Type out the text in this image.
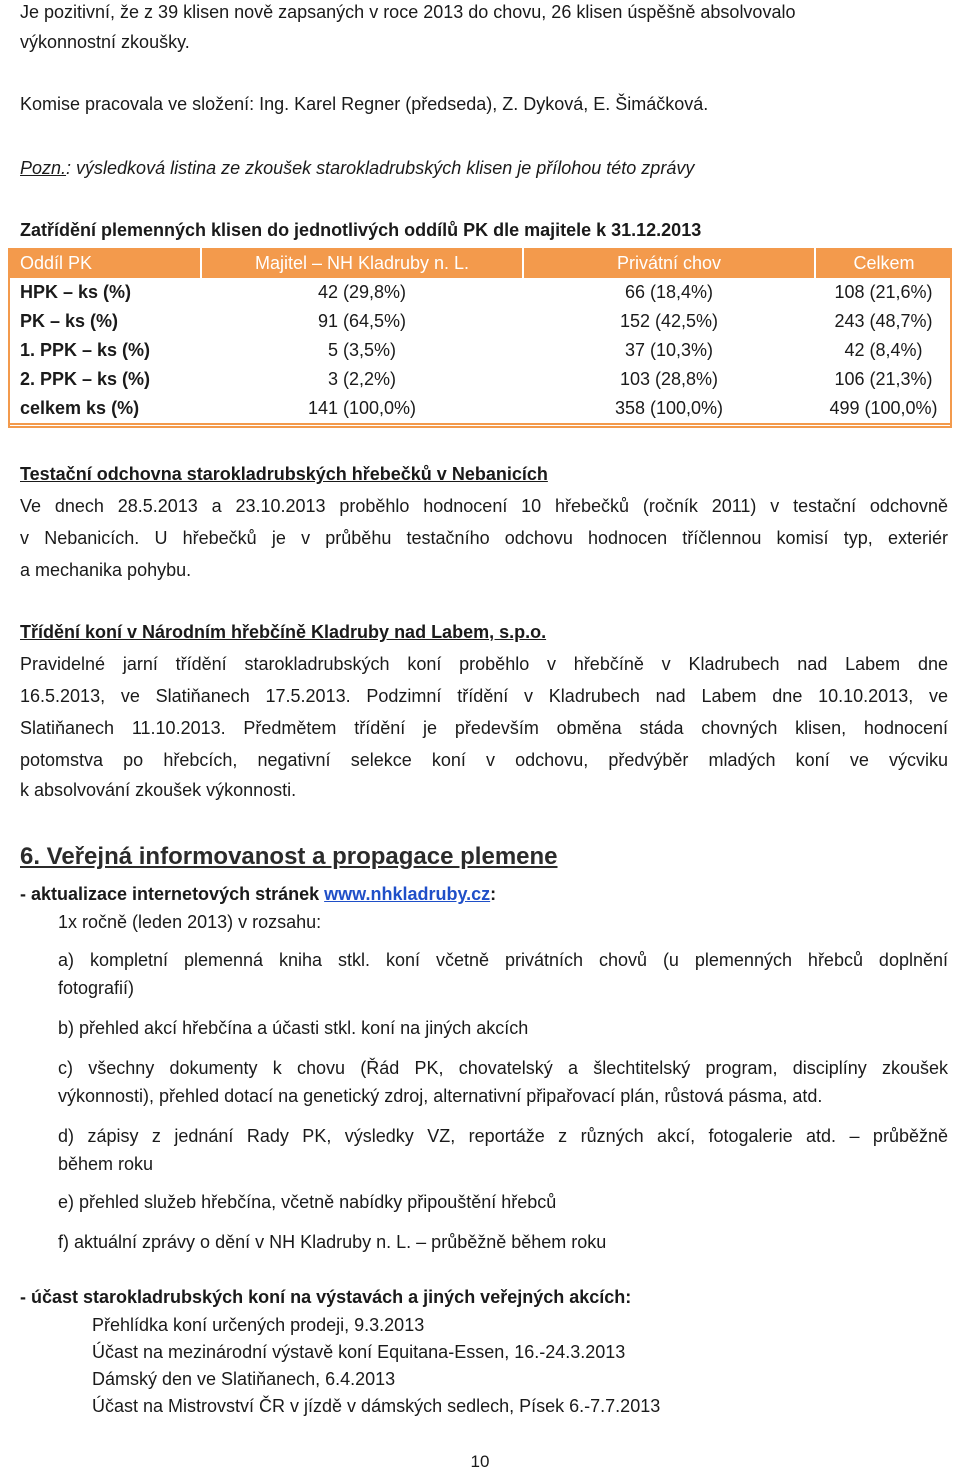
Je pozitivní, že z 39 klisen nově zapsaných v roce 2013 do chovu, 26 klisen úspěšně absolvovalo
výkonnostní zkoušky.
Komise pracovala ve složení: Ing. Karel Regner (předseda), Z. Dyková, E. Šimáčková.
Pozn.: výsledková listina ze zkoušek starokladrubských klisen je přílohou této zprávy
Zatřídění plemenných klisen do jednotlivých oddílů PK dle majitele k 31.12.2013
Oddíl PK	Majitel – NH Kladruby n. L.	Privátní chov	Celkem
HPK – ks (%)	42 (29,8%)	66 (18,4%)	108 (21,6%)
PK – ks (%)	91 (64,5%)	152 (42,5%)	243 (48,7%)
1. PPK – ks (%)	5 (3,5%)	37 (10,3%)	42 (8,4%)
2. PPK – ks (%)	3 (2,2%)	103 (28,8%)	106 (21,3%)
celkem ks (%)	141 (100,0%)	358 (100,0%)	499 (100,0%)
Testační odchovna starokladrubských hřebečků v Nebanicích
Ve dnech 28.5.2013 a 23.10.2013 proběhlo hodnocení 10 hřebečků (ročník 2011) v testační odchovně
v Nebanicích. U hřebečků je v průběhu testačního odchovu hodnocen tříčlennou komisí typ, exteriér
a mechanika pohybu.
Třídění koní v Národním hřebčíně Kladruby nad Labem, s.p.o.
Pravidelné jarní třídění starokladrubských koní proběhlo v hřebčíně v Kladrubech nad Labem dne
16.5.2013, ve Slatiňanech 17.5.2013. Podzimní třídění v Kladrubech nad Labem dne 10.10.2013, ve
Slatiňanech 11.10.2013. Předmětem třídění je především obměna stáda chovných klisen, hodnocení
potomstva po hřebcích, negativní selekce koní v odchovu, předvýběr mladých koní ve výcviku
k absolvování zkoušek výkonnosti.
6. Veřejná informovanost a propagace plemene
- aktualizace internetových stránek www.nhkladruby.cz:
1x ročně (leden 2013) v rozsahu:
a) kompletní plemenná kniha stkl. koní včetně privátních chovů (u plemenných hřebců doplnění
fotografií)
b) přehled akcí hřebčína a účasti stkl. koní na jiných akcích
c) všechny dokumenty k chovu (Řád PK, chovatelský a šlechtitelský program, disciplíny zkoušek
výkonnosti), přehled dotací na genetický zdroj, alternativní připařovací plán, růstová pásma, atd.
d) zápisy z jednání Rady PK, výsledky VZ, reportáže z různých akcí, fotogalerie atd. – průběžně
během roku
e) přehled služeb hřebčína, včetně nabídky připouštění hřebců
f) aktuální zprávy o dění v NH Kladruby n. L. – průběžně během roku
- účast starokladrubských koní na výstavách a jiných veřejných akcích:
Přehlídka koní určených prodeji, 9.3.2013
Účast na mezinárodní výstavě koní Equitana-Essen, 16.-24.3.2013
Dámský den ve Slatiňanech, 6.4.2013
Účast na Mistrovství ČR v jízdě v dámských sedlech, Písek 6.-7.7.2013
10
